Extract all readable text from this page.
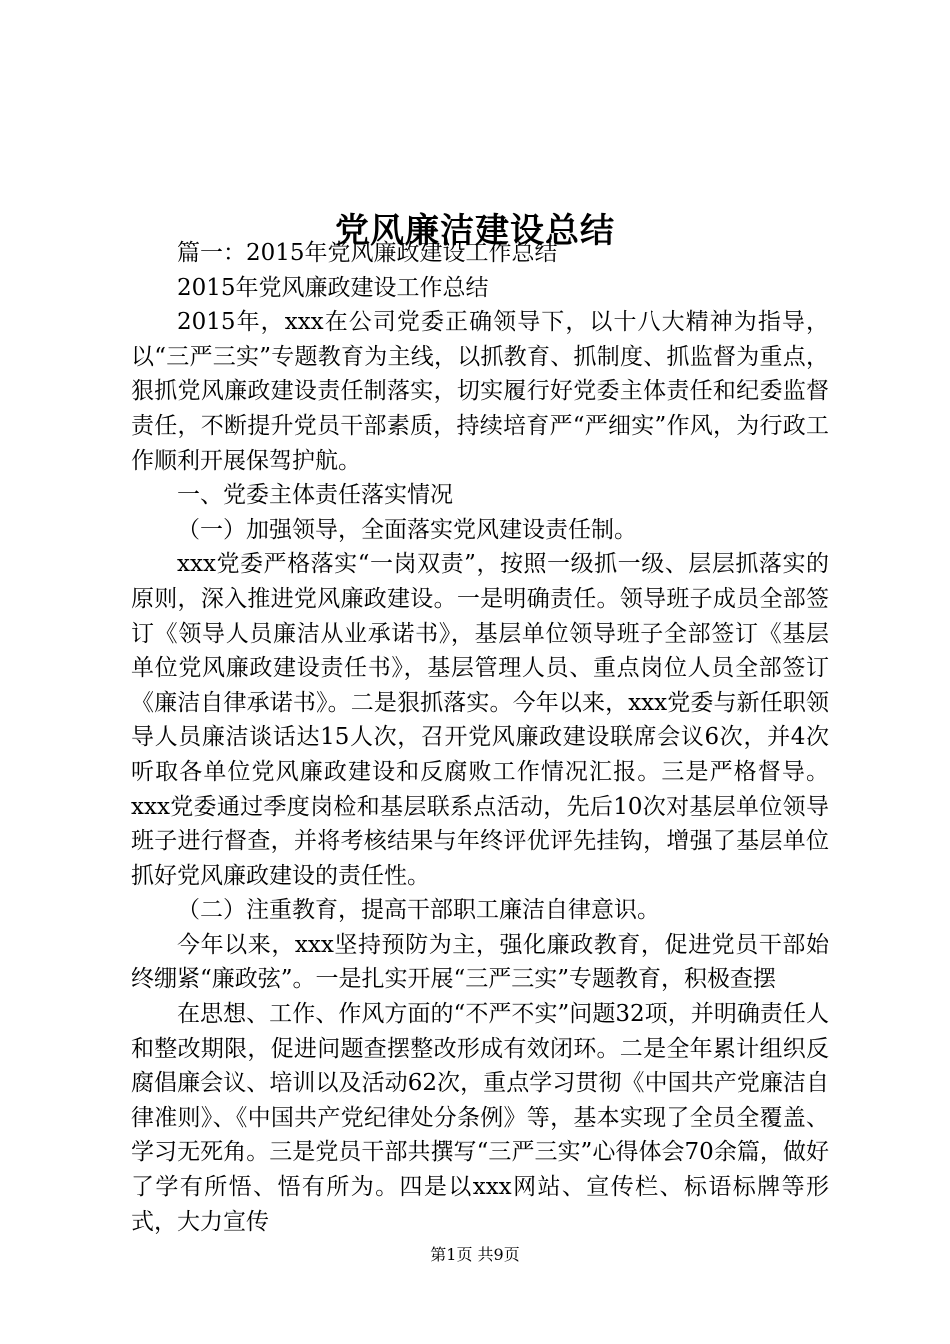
党风廉洁建设总结

篇一：2015年党风廉政建设工作总结

2015年党风廉政建设工作总结

2015年，xxx在公司党委正确领导下，以十八大精神为指导，以“三严三实”专题教育为主线，以抓教育、抓制度、抓监督为重点，狠抓党风廉政建设责任制落实，切实履行好党委主体责任和纪委监督责任，不断提升党员干部素质，持续培育严“严细实”作风，为行政工作顺利开展保驾护航。

一、党委主体责任落实情况

（一）加强领导，全面落实党风建设责任制。

xxx党委严格落实“一岗双责”，按照一级抓一级、层层抓落实的原则，深入推进党风廉政建设。一是明确责任。领导班子成员全部签订《领导人员廉洁从业承诺书》，基层单位领导班子全部签订《基层单位党风廉政建设责任书》，基层管理人员、重点岗位人员全部签订《廉洁自律承诺书》。二是狠抓落实。今年以来，xxx党委与新任职领导人员廉洁谈话达15人次，召开党风廉政建设联席会议6次，并4次听取各单位党风廉政建设和反腐败工作情况汇报。三是严格督导。xxx党委通过季度岗检和基层联系点活动，先后10次对基层单位领导班子进行督查，并将考核结果与年终评优评先挂钩，增强了基层单位抓好党风廉政建设的责任性。

（二）注重教育，提高干部职工廉洁自律意识。

今年以来，xxx坚持预防为主，强化廉政教育，促进党员干部始终绷紧“廉政弦”。一是扎实开展“三严三实”专题教育，积极查摆

在思想、工作、作风方面的“不严不实”问题32项，并明确责任人和整改期限，促进问题查摆整改形成有效闭环。二是全年累计组织反腐倡廉会议、培训以及活动62次，重点学习贯彻《中国共产党廉洁自律准则》、《中国共产党纪律处分条例》等，基本实现了全员全覆盖、学习无死角。三是党员干部共撰写“三严三实”心得体会70余篇，做好了学有所悟、悟有所为。四是以xxx网站、宣传栏、标语标牌等形式，大力宣传

第1页 共9页
